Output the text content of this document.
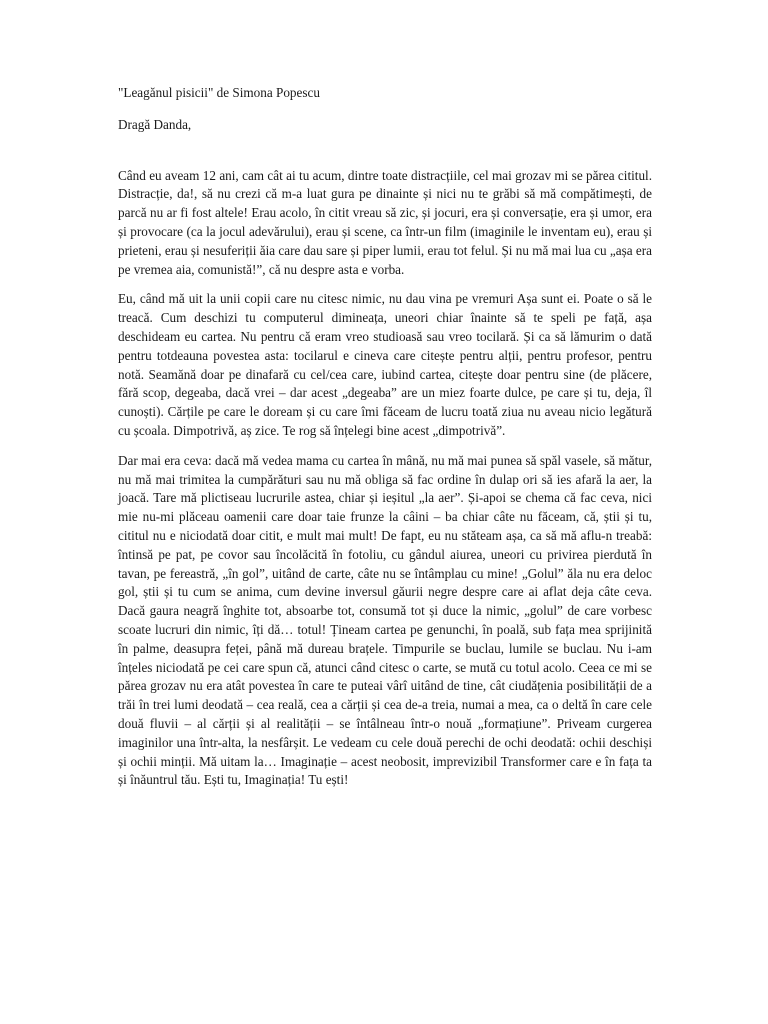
"Leagănul pisicii" de Simona Popescu

Dragă Danda,

Când eu aveam 12 ani, cam cât ai tu acum, dintre toate distracțiile, cel mai grozav mi se părea cititul. Distracție, da!, să nu crezi că m-a luat gura pe dinainte și nici nu te grăbi să mă compătimești, de parcă nu ar fi fost altele! Erau acolo, în citit vreau să zic, și jocuri, era și conversație, era și umor, era și provocare (ca la jocul adevărului), erau și scene, ca într-un film (imaginile le inventam eu), erau și prieteni, erau și nesuferiții ăia care dau sare și piper lumii, erau tot felul. Și nu mă mai lua cu „așa era pe vremea aia, comunistă!”, că nu despre asta e vorba.

Eu, când mă uit la unii copii care nu citesc nimic, nu dau vina pe vremuri Așa sunt ei. Poate o să le treacă. Cum deschizi tu computerul dimineața, uneori chiar înainte să te speli pe față, așa deschideam eu cartea. Nu pentru că eram vreo studioasă sau vreo tocilară. Și ca să lămurim o dată pentru totdeauna povestea asta: tocilarul e cineva care citește pentru alții, pentru profesor, pentru notă. Seamănă doar pe dinafară cu cel/cea care, iubind cartea, citește doar pentru sine (de plăcere, fără scop, degeaba, dacă vrei – dar acest „degeaba” are un miez foarte dulce, pe care și tu, deja, îl cunoști). Cărțile pe care le doream și cu care îmi făceam de lucru toată ziua nu aveau nicio legătură cu școala. Dimpotrivă, aș zice. Te rog să înțelegi bine acest „dimpotrivă”.

Dar mai era ceva: dacă mă vedea mama cu cartea în mână, nu mă mai punea să spăl vasele, să mătur, nu mă mai trimitea la cumpărături sau nu mă obliga să fac ordine în dulap ori să ies afară la aer, la joacă. Tare mă plictiseau lucrurile astea, chiar și ieșitul „la aer”. Și-apoi se chema că fac ceva, nici mie nu-mi plăceau oamenii care doar taie frunze la câini – ba chiar câte nu făceam, că, știi și tu, cititul nu e niciodată doar citit, e mult mai mult! De fapt, eu nu stăteam așa, ca să mă aflu-n treabă: întinsă pe pat, pe covor sau încolăcită în fotoliu, cu gândul aiurea, uneori cu privirea pierdută în tavan, pe fereastră, „în gol”, uitând de carte, câte nu se întâmplau cu mine! „Golul” ăla nu era deloc gol, știi și tu cum se anima, cum devine inversul găurii negre despre care ai aflat deja câte ceva. Dacă gaura neagră înghite tot, absoarbe tot, consumă tot și duce la nimic, „golul” de care vorbesc scoate lucruri din nimic, îți dă… totul! Țineam cartea pe genunchi, în poală, sub fața mea sprijinită în palme, deasupra feței, până mă dureau brațele. Timpurile se buclau, lumile se buclau. Nu i-am înțeles niciodată pe cei care spun că, atunci când citesc o carte, se mută cu totul acolo. Ceea ce mi se părea grozav nu era atât povestea în care te puteai vârî uitând de tine, cât ciudățenia posibilității de a trăi în trei lumi deodată – cea reală, cea a cărții și cea de-a treia, numai a mea, ca o deltă în care cele două fluvii – al cărții și al realității – se întâlneau într-o nouă „formațiune”. Priveam curgerea imaginilor una într-alta, la nesfârșit. Le vedeam cu cele două perechi de ochi deodată: ochii deschiși și ochii minții. Mă uitam la… Imaginație – acest neobosit, imprevizibil Transformer care e în fața ta și înăuntrul tău. Ești tu, Imaginația! Tu ești!
